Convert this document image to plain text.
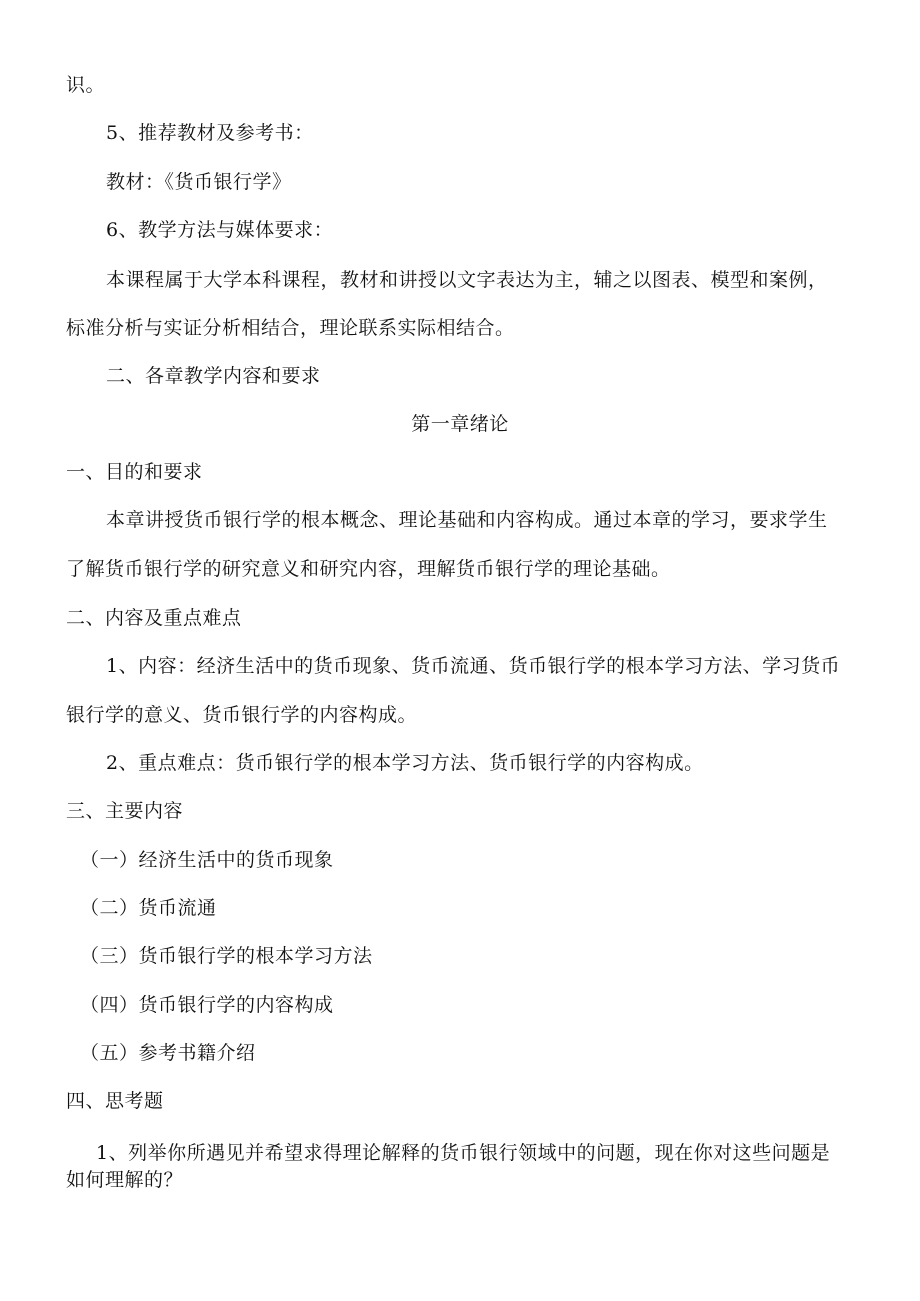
识。
5、推荐教材及参考书：
教材：《货币银行学》
6、教学方法与媒体要求：
本课程属于大学本科课程，教材和讲授以文字表达为主，辅之以图表、模型和案例，
标准分析与实证分析相结合，理论联系实际相结合。
二、各章教学内容和要求
第一章绪论
一、目的和要求
本章讲授货币银行学的根本概念、理论基础和内容构成。通过本章的学习，要求学生
了解货币银行学的研究意义和研究内容，理解货币银行学的理论基础。
二、内容及重点难点
1、内容：经济生活中的货币现象、货币流通、货币银行学的根本学习方法、学习货币
银行学的意义、货币银行学的内容构成。
2、重点难点：货币银行学的根本学习方法、货币银行学的内容构成。
三、主要内容
（一）经济生活中的货币现象
（二）货币流通
（三）货币银行学的根本学习方法
（四）货币银行学的内容构成
（五）参考书籍介绍
四、思考题
1、列举你所遇见并希望求得理论解释的货币银行领域中的问题，现在你对这些问题是
如何理解的？
